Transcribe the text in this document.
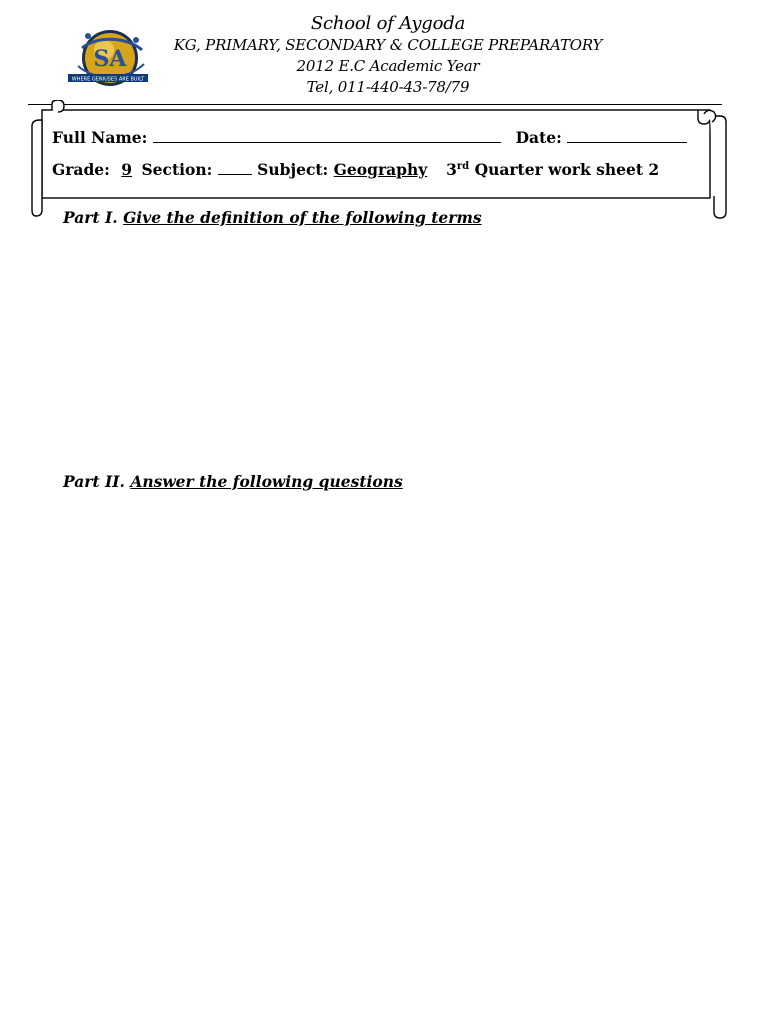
SA
WHERE GENIUSES ARE BUILT
School of Aygoda
KG, PRIMARY, SECONDARY & COLLEGE PREPARATORY
2012 E.C Academic Year
Tel, 011-440-43-78/79
Full Name:	Date:
Grade: 9 Section:	Subject: Geography 3rd Quarter work sheet 2
Part I. Give the definition of the following terms
Part II. Answer the following questions
